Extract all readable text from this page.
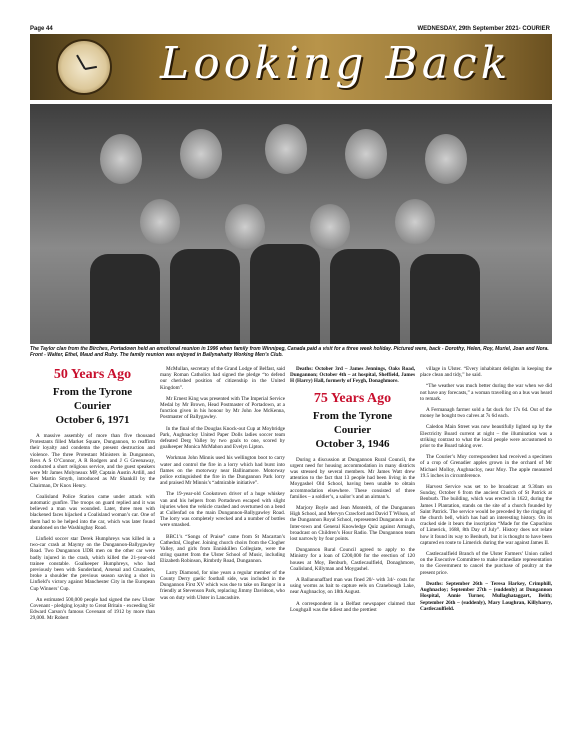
Page 44	WEDNESDAY, 29th September 2021- COURIER
Looking Back
The Taylor clan from the Birches, Portadown held an emotional reunion in 1996 when family from Winnipeg, Canada paid a visit for a three week holiday. Pictured were, back - Dorothy, Helen, Roy, Muriel, Joan and Nora. Front - Walter, Ethel, Maud and Ruby. The family reunion was enjoyed in Ballynahatty Working Men’s Club.
50 Years Ago
From the Tyrone Courier
October 6, 1971

A massive assembly of more than five thousand Protestants filled Market Square, Dungannon, to reaffirm their loyalty and condemn the present destruction and violence. The three Protestant Ministers in Dungannon, Revs A S O’Connor, A R Rodgers and J G Greenaway, conducted a short religious service, and the guest speakers were Mr James Molyneaux MP, Captain Austin Ardill, and Rev Martin Smyth, introduced as Mr Shankill by the Chairman, Dr Knox Henry.

Coalisland Police Station came under attack with automatic gunfire. The troops on guard replied and it was believed a man was wounded. Later, three men with blackened faces hijacked a Coalisland woman’s car. One of them had to be helped into the car, which was later found abandoned on the Washingbay Road.

Linfield soccer star Derek Humphreys was killed in a two-car crash at Maymy on the Dungannon-Ballygawley Road. Two Dungannon UDR men on the other car were badly injured in the crash, which killed the 21-year-old trainee constable. Goalkeeper Humphreys, who had previously been with Sunderland, Arsenal and Crusaders, broke a shoulder the previous season saving a shot in Linfield’s victory against Manchester City in the European Cup Winners’ Cup.

An estimated 500,000 people had signed the new Ulster Covenant - pledging loyalty to Great Britain - exceeding Sir Edward Carson’s famous Covenant of 1912 by more than 29,000. Mr Robert

McMullan, secretary of the Grand Lodge of Belfast, said many Roman Catholics had signed the pledge “to defend our cherished position of citizenship in the United Kingdom”.

Mr Ernest King was presented with The Imperial Service Medal by Mr Brown, Head Postmaster of Portadown, at a function given in his honour by Mr John Joe McKenna, Postmaster of Ballygawley.

In the final of the Douglas Knock-out Cup at Moybridge Park, Aughnacloy United Paper Dolls ladies soccer team defeated Derg Valley by two goals to one, scored by goalkeeper Monica McMahon and Evelyn Lipton.

Workman John Minnis used his wellington boot to carry water and control the fire in a lorry which had burst into flames on the motorway near Ballinamore. Motorway police extinguished the fire in the Dungannon Park lorry and praised Mr Minnis’s “admirable initiative”.

The 19-year-old Cookstown driver of a huge whiskey van and his helpers from Portadown escaped with slight injuries when the vehicle crashed and overturned on a bend at Cullenfad on the main Dungannon-Ballygawley Road. The lorry was completely wrecked and a number of bottles were smashed.

BBC1’s “Songs of Praise” came from St Macartan’s Cathedral, Clogher. Joining church choirs from the Clogher Valley, and girls from Enniskillen Collegiate, were the string quartet from the Ulster School of Music, including Elizabeth Robinson, Rimbrdy Road, Dungannon.

Larry Diamond, for nine years a regular member of the County Derry gaelic football side, was included in the Dungannon First XV which was due to take on Bangor in a friendly at Stevenson Park, replacing Jimmy Davidson, who was on duty with Ulster in Lancashire.

Deaths: October 3rd – James Jennings, Oaks Road, Dungannon; October 4th – at hospital, Sheffield, James H (Harry) Hall, formerly of Feygh, Donaghmore.

75 Years Ago
From the Tyrone Courier
October 3, 1946

During a discussion at Dungannon Rural Council, the urgent need for housing accommodation in many districts was stressed by several members. Mr James Watt drew attention to the fact that 13 people had been living in the Moygashel Old School, having been unable to obtain accommodation elsewhere. These consisted of three families – a soldier’s, a sailor’s and an airman’s.

Marjory Boyle and Jean Monteith, of the Dungannon High School, and Mervyn Crawford and David T Wilson, of the Dungannon Royal School, represented Dungannon in an Inter-town and General Knowledge Quiz against Armagh, broadcast on Children’s Hour Radio. The Dungannon team lost narrowly by four points.

Dungannon Rural Council agreed to apply to the Ministry for a loan of £200,000 for the erection of 120 houses at Moy, Benburb, Castlecaulfield, Donaghmore, Coalisland, Killyman and Moygashel.

A Ballanunaffard man was fined 20/- with 34/- costs for using worms as bait to capture eels on Cranebough Lake, near Aughnacloy, on 18th August.

A correspondent in a Belfast newspaper claimed that Loughgall was the tidiest and the prettiest

village in Ulster. “Every inhabitant delights in keeping the place clean and tidy,” he said.

“The weather was much better during the war when we did not have any forecasts,” a woman travelling on a bus was heard to remark.

A Fermanagh farmer sold a fat duck for 17s 6d. Out of the money he bought two calves at 7s 6d each.

Caledon Main Street was now beautifully lighted up by the Electricity Board current at night – the illumination was a striking contrast to what the local people were accustomed to prior to the Board taking over.

The Courier’s Moy correspondent had received a specimen of a crop of Grenadier apples grown in the orchard of Mr Michael Molloy, Aughnacloy, near Moy. The apple measured 19.5 inches in circumference.

Harvest Service was set to be broadcast at 9.30am on Sunday, October 6 from the ancient Church of St Patrick at Benburb. The building, which was erected in 1622, during the James I Plantation, stands on the site of a church founded by Saint Patrick. The service would be preceded by the ringing of the church bell, which has had an interesting history. On its cracked side it bears the inscription “Made for the Capuchins of Limerick, 1688, 8th Day of July”. History does not relate how it found its way to Benburb, but it is thought to have been captured en route to Limerick during the war against James II.

Castlecaulfield Branch of the Ulster Farmers’ Union called on the Executive Committee to make immediate representation to the Government to cancel the purchase of poultry at the present price.

Deaths: September 26th – Teresa Harkey, Crimphill, Aughnacloy; September 27th – (suddenly) at Dungannon Hospital, Annie Turner, Mullaghataggart, Beith; September 26th – (suddenly), Mary Loughran, Killyharry, Castlecaulfield.
